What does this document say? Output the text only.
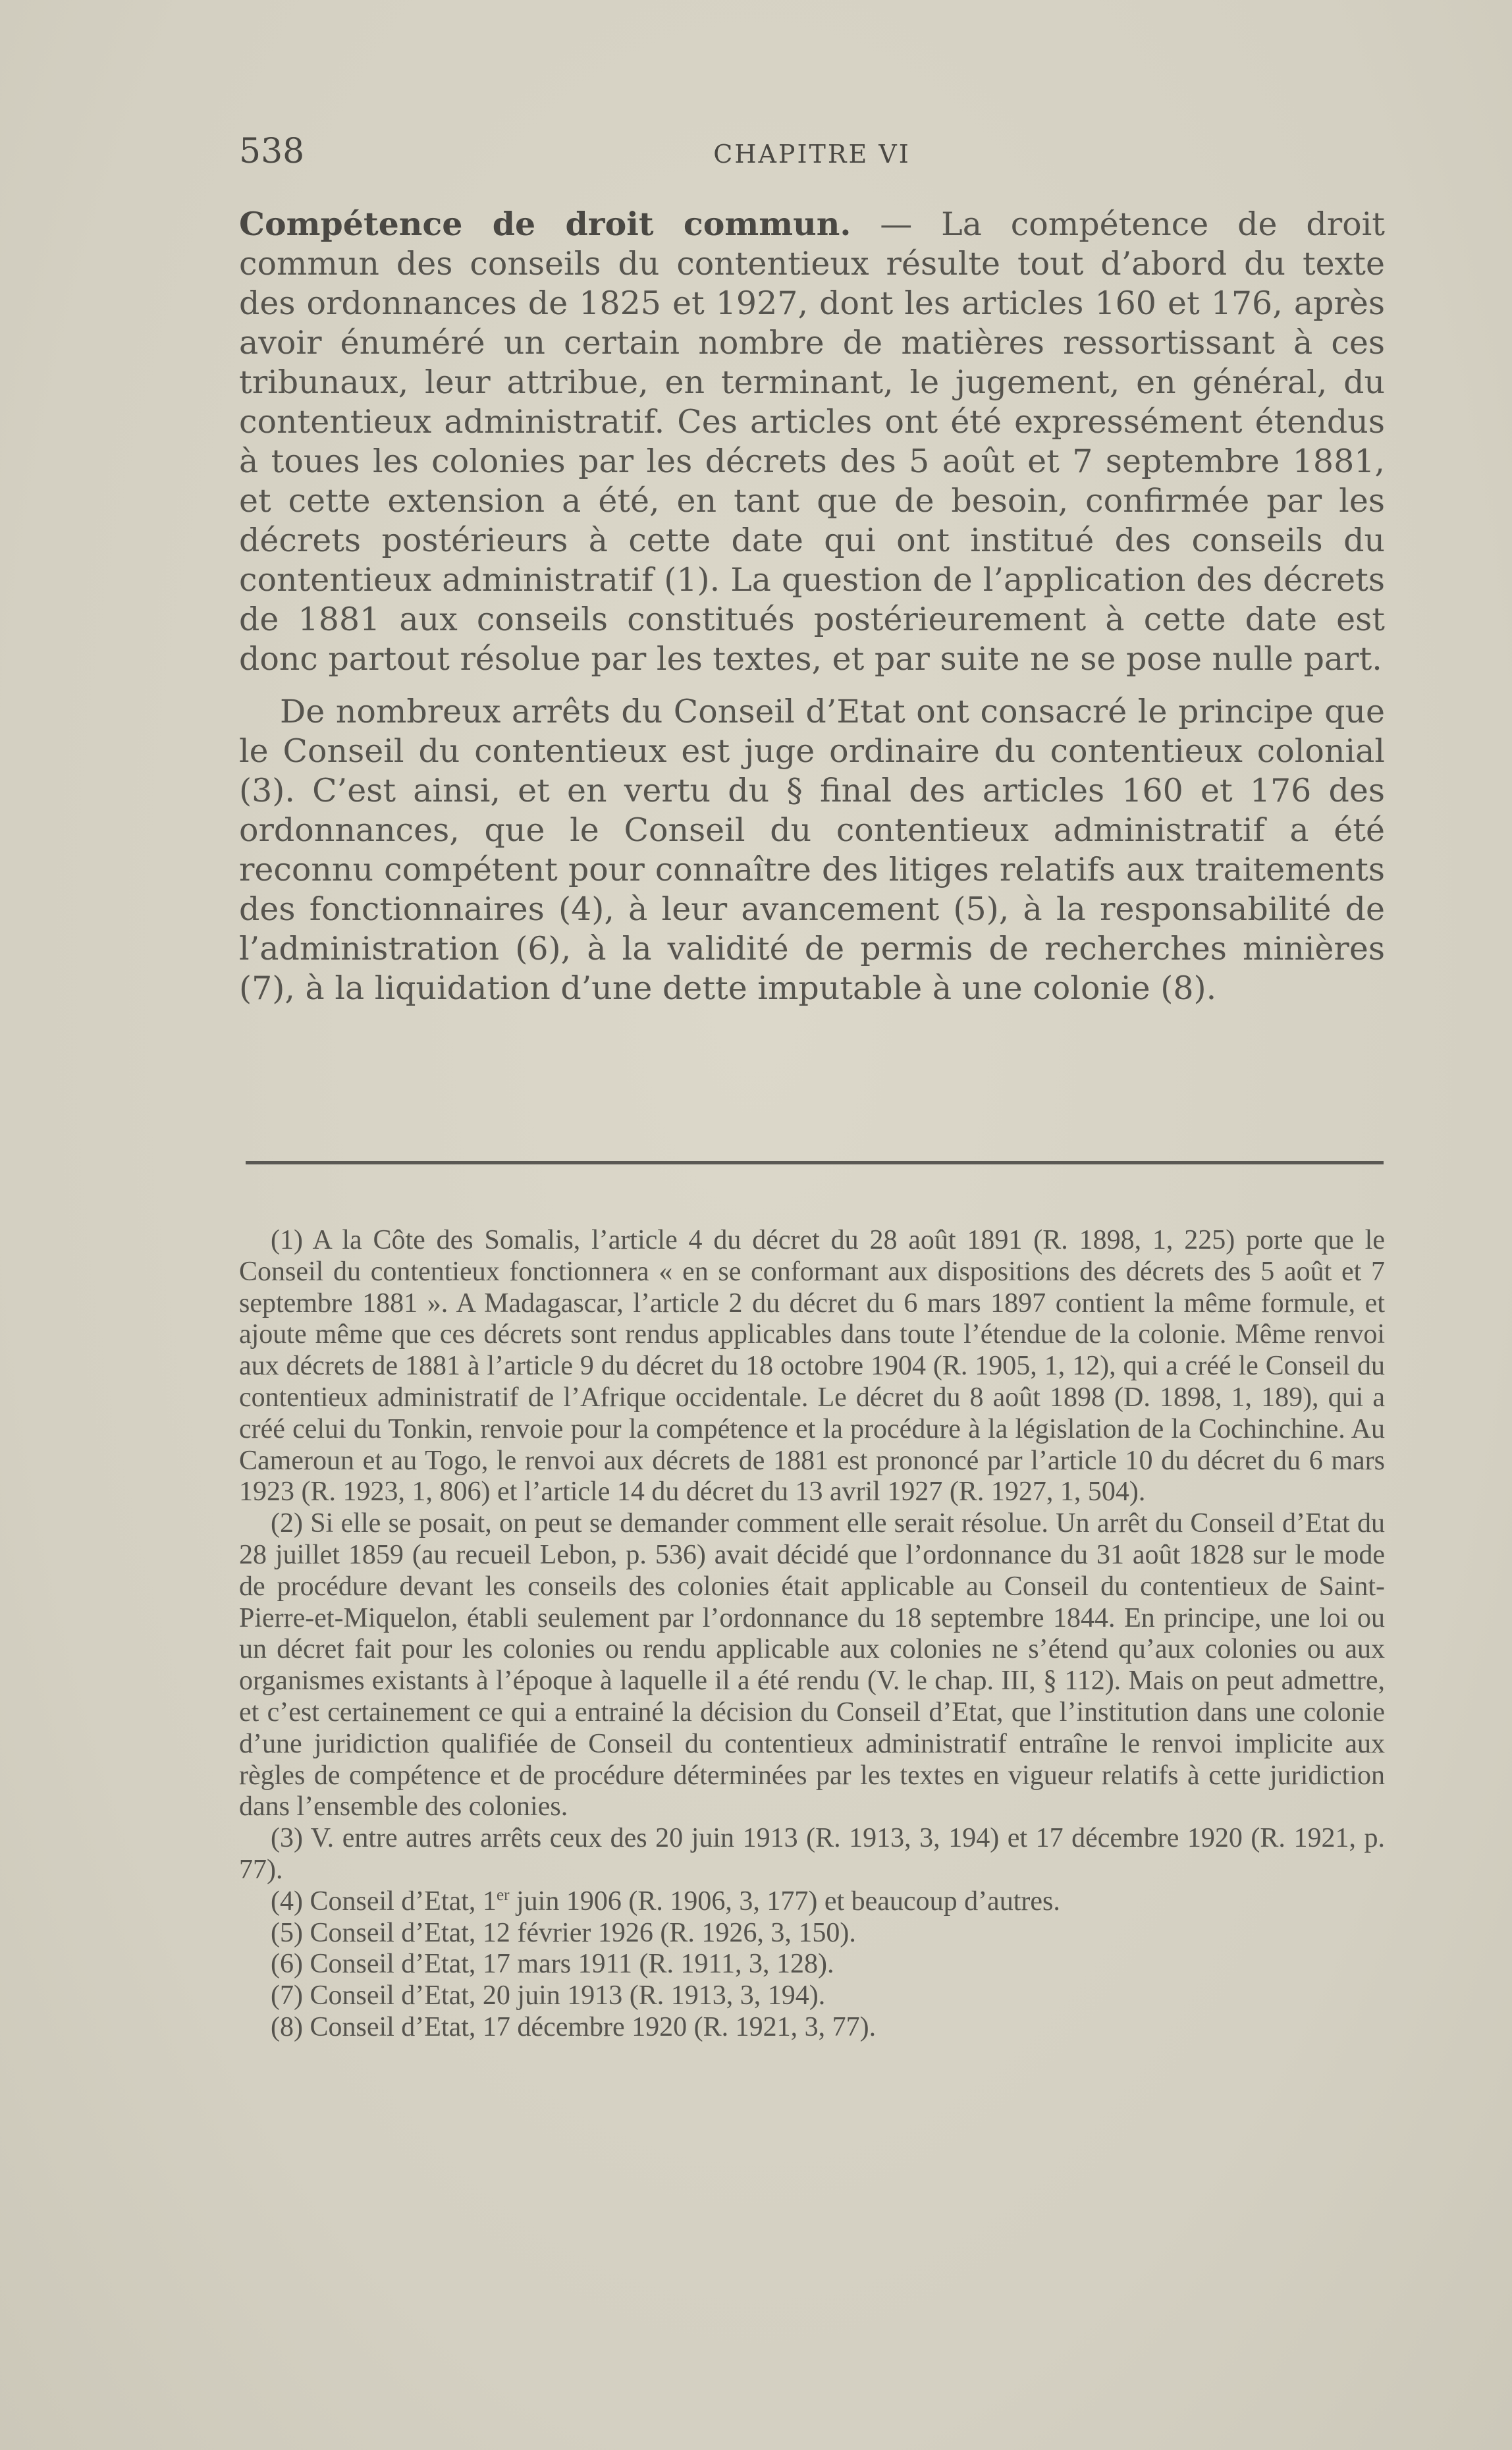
538	CHAPITRE VI

Compétence de droit commun. — La compétence de droit commun des conseils du contentieux résulte tout d’abord du texte des ordonnances de 1825 et 1927, dont les articles 160 et 176, après avoir énuméré un certain nombre de matières ressortissant à ces tribunaux, leur attribue, en terminant, le jugement, en général, du contentieux administratif. Ces articles ont été expressément étendus à toues les colonies par les décrets des 5 août et 7 septembre 1881, et cette extension a été, en tant que de besoin, confirmée par les décrets postérieurs à cette date qui ont institué des conseils du contentieux administratif (1). La question de l’application des décrets de 1881 aux conseils constitués postérieurement à cette date est donc partout résolue par les textes, et par suite ne se pose nulle part.

De nombreux arrêts du Conseil d’Etat ont consacré le principe que le Conseil du contentieux est juge ordinaire du contentieux colonial (3). C’est ainsi, et en vertu du § final des articles 160 et 176 des ordonnances, que le Conseil du contentieux administratif a été reconnu compétent pour connaître des litiges relatifs aux traitements des fonctionnaires (4), à leur avancement (5), à la responsabilité de l’administration (6), à la validité de permis de recherches minières (7), à la liquidation d’une dette imputable à une colonie (8).

(1) A la Côte des Somalis, l’article 4 du décret du 28 août 1891 (R. 1898, 1, 225) porte que le Conseil du contentieux fonctionnera « en se conformant aux dispositions des décrets des 5 août et 7 septembre 1881 ». A Madagascar, l’article 2 du décret du 6 mars 1897 contient la même formule, et ajoute même que ces décrets sont rendus applicables dans toute l’étendue de la colonie. Même renvoi aux décrets de 1881 à l’article 9 du décret du 18 octobre 1904 (R. 1905, 1, 12), qui a créé le Conseil du contentieux administratif de l’Afrique occidentale. Le décret du 8 août 1898 (D. 1898, 1, 189), qui a créé celui du Tonkin, renvoie pour la compétence et la procédure à la législation de la Cochinchine. Au Cameroun et au Togo, le renvoi aux décrets de 1881 est prononcé par l’article 10 du décret du 6 mars 1923 (R. 1923, 1, 806) et l’article 14 du décret du 13 avril 1927 (R. 1927, 1, 504).

(2) Si elle se posait, on peut se demander comment elle serait résolue. Un arrêt du Conseil d’Etat du 28 juillet 1859 (au recueil Lebon, p. 536) avait décidé que l’ordonnance du 31 août 1828 sur le mode de procédure devant les conseils des colonies était applicable au Conseil du contentieux de Saint-Pierre-et-Miquelon, établi seulement par l’ordonnance du 18 septembre 1844. En principe, une loi ou un décret fait pour les colonies ou rendu applicable aux colonies ne s’étend qu’aux colonies ou aux organismes existants à l’époque à laquelle il a été rendu (V. le chap. III, § 112). Mais on peut admettre, et c’est certainement ce qui a entrainé la décision du Conseil d’Etat, que l’institution dans une colonie d’une juridiction qualifiée de Conseil du contentieux administratif entraîne le renvoi implicite aux règles de compétence et de procédure déterminées par les textes en vigueur relatifs à cette juridiction dans l’ensemble des colonies.

(3) V. entre autres arrêts ceux des 20 juin 1913 (R. 1913, 3, 194) et 17 décembre 1920 (R. 1921, p. 77).

(4) Conseil d’Etat, 1er juin 1906 (R. 1906, 3, 177) et beaucoup d’autres.

(5) Conseil d’Etat, 12 février 1926 (R. 1926, 3, 150).

(6) Conseil d’Etat, 17 mars 1911 (R. 1911, 3, 128).

(7) Conseil d’Etat, 20 juin 1913 (R. 1913, 3, 194).

(8) Conseil d’Etat, 17 décembre 1920 (R. 1921, 3, 77).
